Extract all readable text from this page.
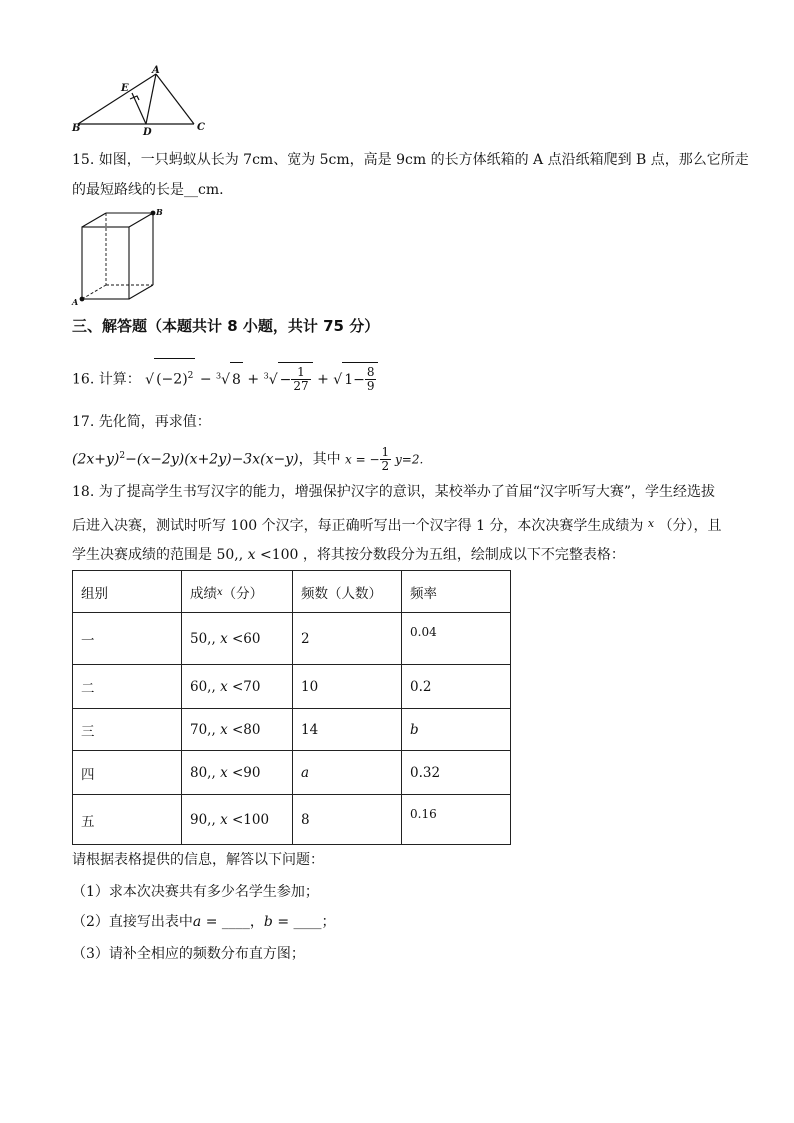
A
E
B	D	C
15. 如图，一只蚂蚁从长为 7cm、宽为 5cm，高是 9cm 的长方体纸箱的 A 点沿纸箱爬到 B 点，那么它所走
的最短路线的长是__cm.
A
B
三、解答题（本题共计 8 小题，共计 75 分）
16. 计算： √ $(-2)^2 - ^3√$ $8 + ^3√ - \frac{1}{27}$ + √ $1- \frac{8}{9}$
17. 先化简，再求值：
$(2x+y)^2-(x-2y)(x+2y)-3x(x-y)$，其中 x = − $\frac{1}{2} y=2$.
18. 为了提高学生书写汉字的能力，增强保护汉字的意识，某校举办了首届“汉字听写大赛”，学生经选拔
后进入决赛，测试时听写 100 个汉字，每正确听写出一个汉字得 1 分，本次决赛学生成绩为 $^x$ （分），且
学生决赛成绩的范围是 50,, x <100 ，将其按分数段分为五组，绘制成以下不完整表格：
组别	成绩$^x$（分）	频数（人数）	频率
一	50,, x <60	2	0.04
二	60,, x <70	10	0.2
三	70,, x <80	14	b
四	80,, x <90	a	0.32
五	90,, x <100	8	0.16
请根据表格提供的信息，解答以下问题：
（1）求本次决赛共有多少名学生参加；
（2）直接写出表中a = ____，b = ____；
（3）请补全相应的频数分布直方图；
